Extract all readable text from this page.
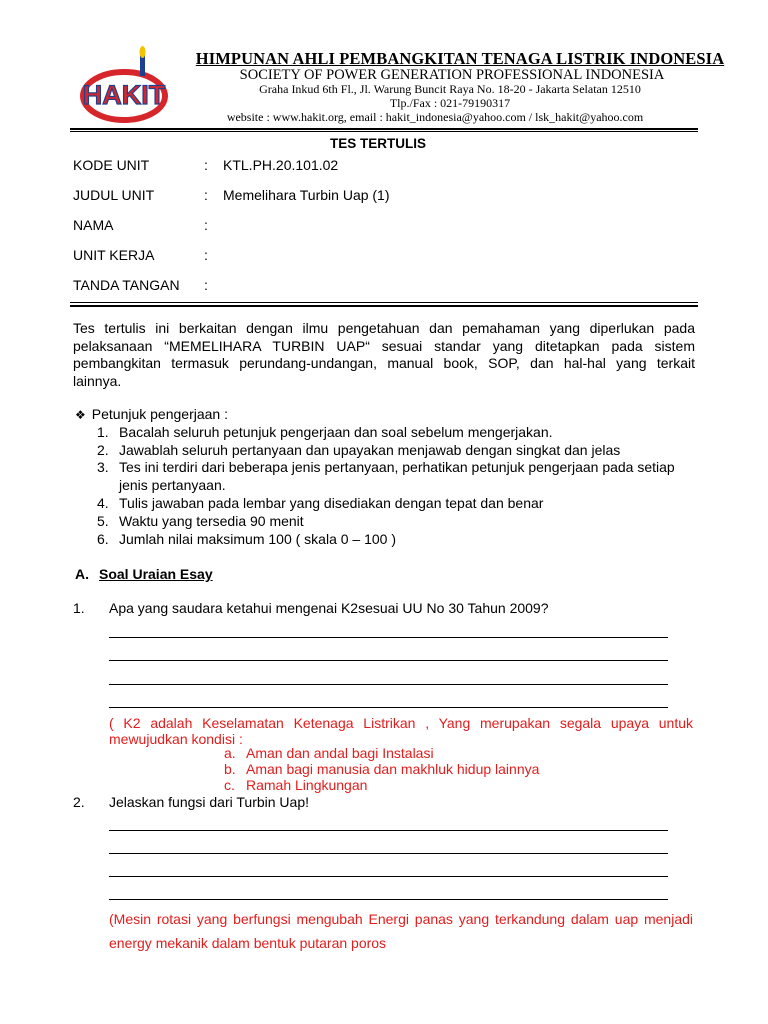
HAKIT
HIMPUNAN AHLI PEMBANGKITAN TENAGA LISTRIK INDONESIA
SOCIETY OF POWER GENERATION PROFESSIONAL INDONESIA
Graha Inkud 6th Fl., Jl. Warung Buncit Raya No. 18-20 - Jakarta Selatan 12510
Tlp./Fax : 021-79190317
website : www.hakit.org, email : hakit_indonesia@yahoo.com / lsk_hakit@yahoo.com
TES TERTULIS
KODE UNIT	: KTL.PH.20.101.02
JUDUL UNIT	: Memelihara Turbin Uap (1)
NAMA	:
UNIT KERJA	:
TANDA TANGAN :
Tes tertulis ini berkaitan dengan ilmu pengetahuan dan pemahaman yang diperlukan pada
pelaksanaan “MEMELIHARA TURBIN UAP“ sesuai standar yang ditetapkan pada sistem
pembangkitan termasuk perundang-undangan, manual book, SOP, dan hal-hal yang terkait
lainnya.
❖ Petunjuk pengerjaan :
1. Bacalah seluruh petunjuk pengerjaan dan soal sebelum mengerjakan.
2. Jawablah seluruh pertanyaan dan upayakan menjawab dengan singkat dan jelas
3. Tes ini terdiri dari beberapa jenis pertanyaan, perhatikan petunjuk pengerjaan pada setiap
jenis pertanyaan.
4. Tulis jawaban pada lembar yang disediakan dengan tepat dan benar
5. Waktu yang tersedia 90 menit
6. Jumlah nilai maksimum 100 ( skala 0 – 100 )
A. Soal Uraian Esay
1. Apa yang saudara ketahui mengenai K2sesuai UU No 30 Tahun 2009?
( K2 adalah Keselamatan Ketenaga Listrikan , Yang merupakan segala upaya untuk
mewujudkan kondisi :
a. Aman dan andal bagi Instalasi
b. Aman bagi manusia dan makhluk hidup lainnya
c. Ramah Lingkungan
2. Jelaskan fungsi dari Turbin Uap!
(Mesin rotasi yang berfungsi mengubah Energi panas yang terkandung dalam uap menjadi
energy mekanik dalam bentuk putaran poros
